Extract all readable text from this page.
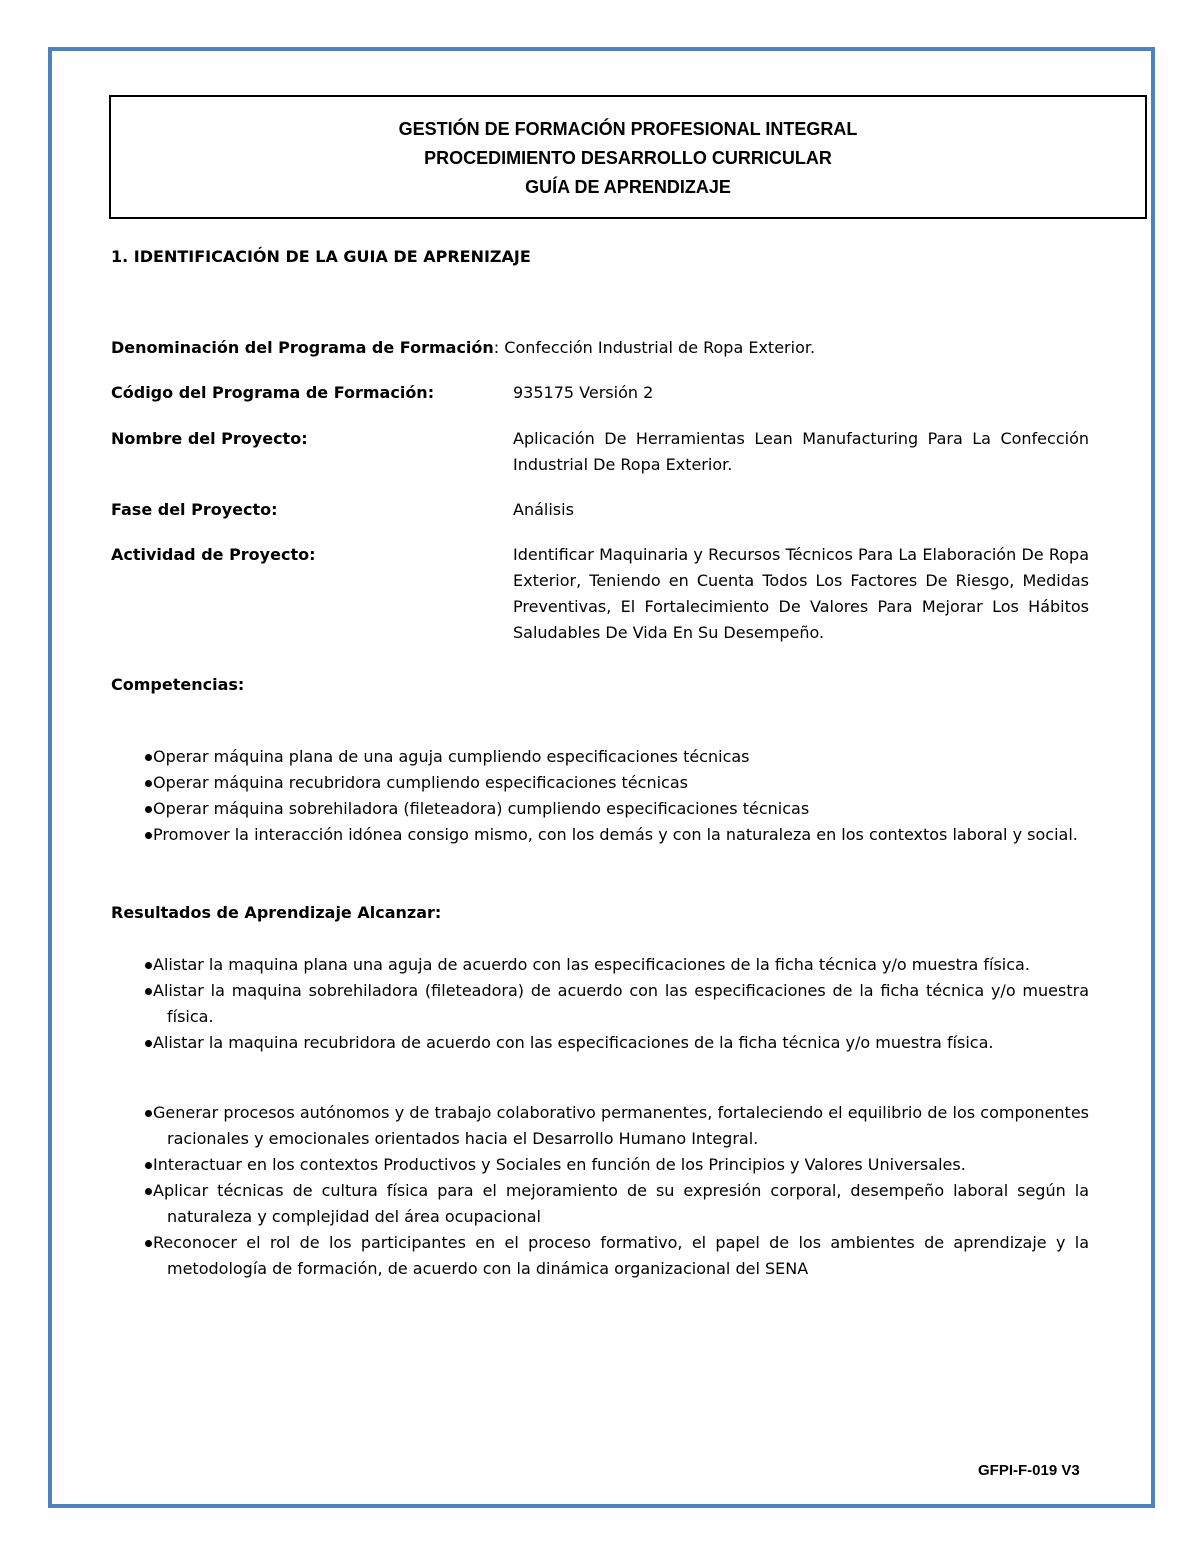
GESTIÓN DE FORMACIÓN PROFESIONAL INTEGRAL
PROCEDIMIENTO DESARROLLO CURRICULAR
GUÍA DE APRENDIZAJE
1. IDENTIFICACIÓN DE LA GUIA DE APRENIZAJE
Denominación del Programa de Formación: Confección Industrial de Ropa Exterior.
Código del Programa de Formación:	935175 Versión 2
Nombre del Proyecto:	Aplicación De Herramientas Lean Manufacturing Para La Confección Industrial De Ropa Exterior.
Fase del Proyecto:	Análisis
Actividad de Proyecto:	Identificar Maquinaria y Recursos Técnicos Para La Elaboración De Ropa Exterior, Teniendo en Cuenta Todos Los Factores De Riesgo, Medidas Preventivas, El Fortalecimiento De Valores Para Mejorar Los Hábitos Saludables De Vida En Su Desempeño.
Competencias:
Operar máquina plana de una aguja cumpliendo especificaciones técnicas
Operar máquina recubridora cumpliendo especificaciones técnicas
Operar máquina sobrehiladora (fileteadora) cumpliendo especificaciones técnicas
Promover la interacción idónea consigo mismo, con los demás y con la naturaleza en los contextos laboral y social.
Resultados de Aprendizaje Alcanzar:
Alistar la maquina plana una aguja de acuerdo con las especificaciones de la ficha técnica y/o muestra física.
Alistar la maquina sobrehiladora (fileteadora) de acuerdo con las especificaciones de la ficha técnica y/o muestra física.
Alistar la maquina recubridora de acuerdo con las especificaciones de la ficha técnica y/o muestra física.
Generar procesos autónomos y de trabajo colaborativo permanentes, fortaleciendo el equilibrio de los componentes racionales y emocionales orientados hacia el Desarrollo Humano Integral.
Interactuar en los contextos Productivos y Sociales en función de los Principios y Valores Universales.
Aplicar técnicas de cultura física para el mejoramiento de su expresión corporal, desempeño laboral según la naturaleza y complejidad del área ocupacional
Reconocer el rol de los participantes en el proceso formativo, el papel de los ambientes de aprendizaje y la metodología de formación, de acuerdo con la dinámica organizacional del SENA
GFPI-F-019 V3
